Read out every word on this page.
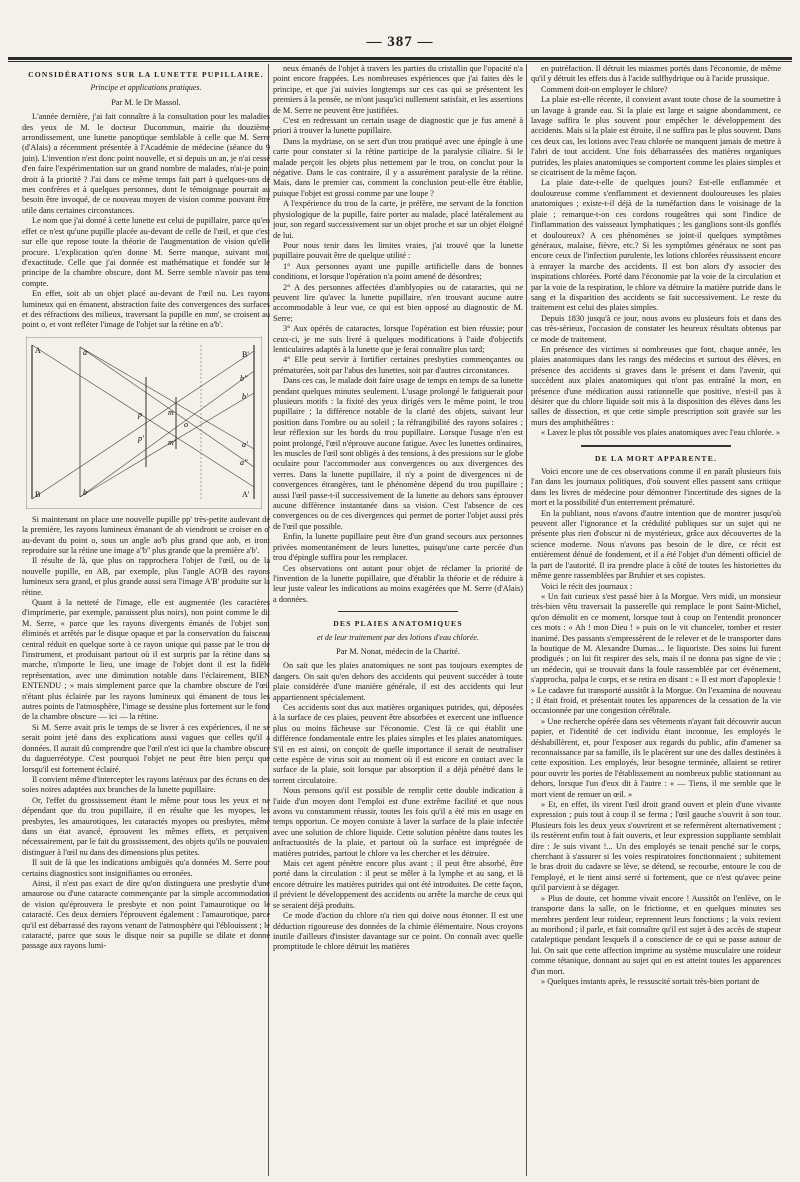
— 387 —
CONSIDÉRATIONS SUR LA LUNETTE PUPILLAIRE.
Principe et applications pratiques.
Par M. le Dr Massol.

L'année dernière, j'ai fait connaître à la consultation pour les maladies des yeux de M. le docteur Ducommun, mairie du douzième arrondissement, une lunette panoptique semblable à celle que M. Serre (d'Alais) a récemment présentée à l'Académie de médecine (séance du 9 juin). L'invention n'est donc point nouvelle, et si depuis un an, je n'ai cessé d'en faire l'expérimentation sur un grand nombre de malades, n'ai-je point droit à la priorité ? J'ai dans ce même temps fait part à quelques-uns de mes confrères et à quelques personnes, dont le témoignage pourrait au besoin être invoqué, de ce nouveau moyen de vision comme pouvant être utile dans certaines circonstances.

Le nom que j'ai donné à cette lunette est celui de pupillaire, parce qu'en effet ce n'est qu'une pupille placée au-devant de celle de l'œil, et que c'est sur elle que repose toute la théorie de l'augmentation de vision qu'elle procure. L'explication qu'en donne M. Serre manque, suivant moi, d'exactitude. Celle que j'ai donnée est mathématique et fondée sur le principe de la chambre obscure, dont M. Serre semble n'avoir pas tenu compte.

En effet, soit ab un objet placé au-devant de l'œil nu. Les rayons lumineux qui en émanent, abstraction faite des convergences des surfaces et des réfractions des milieux, traversant la pupille en mm', se croisent au point o, et vont refléter l'image de l'objet sur la rétine en a'b'.

A
B
a
b
p
p'
m
m'
o
B'
A'
b''
a''
b'
a'

Si maintenant on place une nouvelle pupille pp' très-petite audevant de la première, les rayons lumineux émanant de ab viendront se croiser en o' au-devant du point o, sous un angle ao'b plus grand que aob, et iront reproduire sur la rétine une image a''b'' plus grande que la première a'b'.

Il résulte de là, que plus on rapprochera l'objet de l'œil, ou de la nouvelle pupille, en AB, par exemple, plus l'angle AO'B des rayons lumineux sera grand, et plus grande aussi sera l'image A'B' produite sur la rétine.

Quant à la netteté de l'image, elle est augmentée (les caractères d'imprimerie, par exemple, paraissent plus noirs), non point comme le dit M. Serre, « parce que les rayons divergents émanés de l'objet sont éliminés et arrêtés par le disque opaque et par la conservation du faisceau central réduit en quelque sorte à ce rayon unique qui passe par le trou de l'instrument, et produisant partout où il est surpris par la rétine dans sa marche, n'importe le lieu, une image de l'objet dont il est la fidèle représentation, avec une diminution notable dans l'éclairement, BIEN ENTENDU ; » mais simplement parce que la chambre obscure de l'œil n'étant plus éclairée par les rayons lumineux qui émanent de tous les autres points de l'atmosphère, l'image se dessine plus fortement sur le fond de la chambre obscure — ici — la rétine.

Si M. Serre avait pris le temps de se livrer à ces expériences, il ne se serait point jeté dans des explications aussi vagues que celles qu'il a données. Il aurait dû comprendre que l'œil n'est ici que la chambre obscure du daguerréotype. C'est pourquoi l'objet ne peut être bien perçu que lorsqu'il est fortement éclairé.

Il convient même d'intercepter les rayons latéraux par des écrans en des soies noires adaptées aux branches de la lunette pupillaire.

Or, l'effet du grossissement étant le même pour tous les yeux et ne dépendant que du trou pupillaire, il en résulte que les myopes, les presbytes, les amaurotiques, les cataractés myopes ou presbytes, même dans un état avancé, éprouvent les mêmes effets, et perçoivent nécessairement, par le fait du grossissement, des objets qu'ils ne pouvaient distinguer à l'œil nu dans des dimensions plus petites.

Il suit de là que les indications ambiguës qu'a données M. Serre pour certains diagnostics sont insignifiantes ou erronées.

Ainsi, il n'est pas exact de dire qu'on distinguera une presbytie d'une amaurose ou d'une cataracte commençante par la simple accommodation de vision qu'éprouvera le presbyte et non point l'amaurotique ou le cataracté. Ces deux derniers l'éprouvent également : l'amaurotique, parce qu'il est débarrassé des rayons venant de l'atmosphère qui l'éblouissent ; le cataracté, parce que sous le disque noir sa pupille se dilate et donne passage aux rayons lumi-

neux émanés de l'objet à travers les parties du cristallin que l'opacité n'a point encore frappées. Les nombreuses expériences que j'ai faites dès le principe, et que j'ai suivies longtemps sur ces cas qui se présentent les premiers à la pensée, ne m'ont jusqu'ici nullement satisfait, et les assertions de M. Serre ne peuvent être justifiées.

C'est en redressant un certain usage de diagnostic que je fus amené à priori à trouver la lunette pupillaire.

Dans la mydriase, on se sert d'un trou pratiqué avec une épingle à une carte pour constater si la rétine participe de la paralysie ciliaire. Si le malade perçoit les objets plus nettement par le trou, on conclut pour la négative. Dans le cas contraire, il y a assurément paralysie de la rétine. Mais, dans le premier cas, comment la conclusion peut-elle être établie, puisque l'objet est grossi comme par une loupe ?

A l'expérience du trou de la carte, je préfère, me servant de la fonction physiologique de la pupille, faire porter au malade, placé latéralement au jour, son regard successivement sur un objet proche et sur un objet éloigné de lui.

Pour nous tenir dans les limites vraies, j'ai trouvé que la lunette pupillaire pouvait être de quelque utilité :

1° Aux personnes ayant une pupille artificielle dans de bonnes conditions, et lorsque l'opération n'a point amené de désordres;

2° A des personnes affectées d'amblyopies ou de cataractes, qui ne peuvent lire qu'avec la lunette pupillaire, n'en trouvant aucune autre accommodable à leur vue, ce qui est bien opposé au diagnostic de M. Serre;

3° Aux opérés de cataractes, lorsque l'opération est bien réussie; pour ceux-ci, je me suis livré à quelques modifications à l'aide d'objectifs lenticulaires adaptés à la lunette que je ferai connaître plus tard;

4° Elle peut servir à fortifier certaines presbyties commençantes ou prématurées, soit par l'abus des lunettes, soit par d'autres circonstances.

Dans ces cas, le malade doit faire usage de temps en temps de sa lunette pendant quelques minutes seulement. L'usage prolongé le fatiguerait pour plusieurs motifs : la fixité des yeux dirigés vers le même point, le trou pupillaire ; la différence notable de la clarté des objets, suivant leur position dans l'ombre ou au soleil ; la réfrangibilité des rayons solaires ; leur réflexion sur les bords du trou pupillaire. Lorsque l'usage n'en est point prolongé, l'œil n'éprouve aucune fatigue. Avec les lunettes ordinaires, les muscles de l'œil sont obligés à des tensions, à des pressions sur le globe oculaire pour l'accommoder aux convergences ou aux divergences des verres. Dans la lunette pupillaire, il n'y a point de divergences ni de convergences étrangères, tant le phénomène dépend du trou pupillaire ; aussi l'œil passe-t-il successivement de la lunette au dehors sans éprouver aucune différence instantanée dans sa vision. C'est l'absence de ces convergences ou de ces divergences qui permet de porter l'objet aussi près de l'œil que possible.

Enfin, la lunette pupillaire peut être d'un grand secours aux personnes privées momentanément de leurs lunettes, puisqu'une carte percée d'un trou d'épingle suffira pour les remplacer.

Ces observations ont autant pour objet de réclamer la priorité de l'invention de la lunette pupillaire, que d'établir la théorie et de réduire à leur juste valeur les indications au moins exagérées que M. Serre (d'Alais) a données.

DES PLAIES ANATOMIQUES
et de leur traitement par des lotions d'eau chlorée.
Par M. Nonat, médecin de la Charité.

On sait que les plaies anatomiques ne sont pas toujours exemptes de dangers. On sait qu'en dehors des accidents qui peuvent succéder à toute plaie considérée d'une manière générale, il est des accidents qui leur appartiennent spécialement.

Ces accidents sont dus aux matières organiques putrides, qui, déposées à la surface de ces plaies, peuvent être absorbées et exercent une influence plus ou moins fâcheuse sur l'économie. C'est là ce qui établit une différence fondamentale entre les plaies simples et les plaies anatomiques. S'il en est ainsi, on conçoit de quelle importance il serait de neutraliser cette espèce de virus soit au moment où il est encore en contact avec la surface de la plaie, soit lorsque par absorption il a déjà pénétré dans le torrent circulatoire.

Nous pensons qu'il est possible de remplir cette double indication à l'aide d'un moyen dont l'emploi est d'une extrême facilité et que nous avons vu constamment réussir, toutes les fois qu'il a été mis en usage en temps opportun. Ce moyen consiste à laver la surface de la plaie infectée avec une solution de chlore liquide. Cette solution pénètre dans toutes les anfractuosités de la plaie, et partout où la surface est imprégnée de matières putrides, partout le chlore va les chercher et les détruire.

Mais cet agent pénètre encore plus avant ; il peut être absorbé, être porté dans la circulation : il peut se mêler à la lymphe et au sang, et là encore détruire les matières putrides qui ont été introduites. De cette façon, il prévient le développement des accidents ou arrête la marche de ceux qui se seraient déjà produits.

Ce mode d'action du chlore n'a rien qui doive nous étonner. Il est une déduction rigoureuse des données de la chimie élémentaire. Nous croyons inutile d'ailleurs d'insister davantage sur ce point. On connaît avec quelle promptitude le chlore détruit les matières

en putréfaction. Il détruit les miasmes portés dans l'économie, de même qu'il y détruit les effets dus à l'acide sulfhydrique ou à l'acide prussique.

Comment doit-on employer le chlore?

La plaie est-elle récente, il convient avant toute chose de la soumettre à un lavage à grande eau. Si la plaie est large et saigne abondamment, ce lavage suffira le plus souvent pour empêcher le développement des accidents. Mais si la plaie est étroite, il ne suffira pas le plus souvent. Dans ces deux cas, les lotions avec l'eau chlorée ne manquent jamais de mettre à l'abri de tout accident. Une fois débarrassées des matières organiques putrides, les plaies anatomiques se comportent comme les plaies simples et se cicatrisent de la même façon.

La plaie date-t-elle de quelques jours? Est-elle enflammée et douloureuse comme s'enflamment et deviennent douloureuses les plaies anatomiques ; existe-t-il déjà de la tuméfaction dans le voisinage de la plaie ; remarque-t-on ces cordons rougeâtres qui sont l'indice de l'inflammation des vaisseaux lymphatiques ; les ganglions sont-ils gonflés et douloureux? A ces phénomènes se joint-il quelques symptômes généraux, malaise, fièvre, etc.? Si les symptômes généraux ne sont pas encore ceux de l'infection purulente, les lotions chlorées réussissent encore à enrayer la marche des accidents. Il est bon alors d'y associer des inspirations chlorées. Porté dans l'économie par la voie de la circulation et par la voie de la respiration, le chlore va détruire la matière putride dans le sang et la disparition des accidents se fait successivement. Le reste du traitement est celui des plaies simples.

Depuis 1830 jusqu'à ce jour, nous avons eu plusieurs fois et dans des cas très-sérieux, l'occasion de constater les heureux résultats obtenus par ce mode de traitement.

En présence des victimes si nombreuses que font, chaque année, les plaies anatomiques dans les rangs des médecins et surtout des élèves, en présence des accidents si graves dans le présent et dans l'avenir, qui succèdent aux plaies anatomiques qui n'ont pas entraîné la mort, en présence d'une médication aussi rationnelle que positive, n'est-il pas à désirer que du chlore liquide soit mis à la disposition des élèves dans les salles de dissection, et que cette simple prescription soit gravée sur les murs des amphithéâtres :

« Lavez le plus tôt possible vos plaies anatomiques avec l'eau chlorée. »

DE LA MORT APPARENTE.

Voici encore une de ces observations comme il en paraît plusieurs fois l'an dans les journaux politiques, d'où souvent elles passent sans critique dans les livres de médecine pour démontrer l'incertitude des signes de la mort et la possibilité d'un enterrement prématuré.

En la publiant, nous n'avons d'autre intention que de montrer jusqu'où peuvent aller l'ignorance et la crédulité publiques sur un sujet qui ne présente plus rien d'obscur ni de mystérieux, grâce aux découvertes de la science moderne. Nous n'avons pas besoin de le dire, ce récit est entièrement dénué de fondement, et il a été l'objet d'un démenti officiel de la part de l'autorité. Il ira prendre place à côté de toutes les historiettes du même genre rassemblées par Bruhier et ses copistes.

Voici le récit des journaux :

« Un fait curieux s'est passé hier à la Morgue. Vers midi, un monsieur très-bien vêtu traversait la passerelle qui remplace le pont Saint-Michel, qu'on démolit en ce moment, lorsque tout à coup on l'entendit prononcer ces mots : « Ah ! mon Dieu ! » puis on le vit chanceler, tomber et rester inanimé. Des passants s'empressèrent de le relever et de le transporter dans la boutique de M. Alexandre Dumas.... le liquoriste. Des soins lui furent prodigués ; on lui fit respirer des sels, mais il ne donna pas signe de vie ; un médecin, qui se trouvait dans la foule rassemblée par cet événement, s'approcha, palpa le corps, et se retira en disant : « Il est mort d'apoplexie ! » Le cadavre fut transporté aussitôt à la Morgue. On l'examina de nouveau ; il était froid, et présentait toutes les apparences de la cessation de la vie occasionnée par une congestion cérébrale.

» Une recherche opérée dans ses vêtements n'ayant fait découvrir aucun papier, et l'identité de cet individu étant inconnue, les employés le déshabillèrent, et, pour l'exposer aux regards du public, afin d'amener sa reconnaissance par sa famille, ils le placèrent sur une des dalles destinées à cette exposition. Les employés, leur besogne terminée, allaient se retirer pour ouvrir les portes de l'établissement au nombreux public stationnant au dehors, lorsque l'un d'eux dit à l'autre : « — Tiens, il me semble que le mort vient de remuer un œil. »

» Et, en effet, ils virent l'œil droit grand ouvert et plein d'une vivante expression ; puis tout à coup il se ferma ; l'œil gauche s'ouvrit à son tour. Plusieurs fois les deux yeux s'ouvrirent et se refermèrent alternativement ; ils restèrent enfin tout à fait ouverts, et leur expression suppliante semblait dire : Je suis vivant !... Un des employés se tenait penché sur le corps, cherchant à s'assurer si les voies respiratoires fonctionnaient ; subitement le bras droit du cadavre se lève, se détend, se recourbe, entoure le cou de l'employé, et le tient ainsi serré si fortement, que ce n'est qu'avec peine qu'il parvient à se dégager.

» Plus de doute, cet homme vivait encore ! Aussitôt on l'enlève, on le transporte dans la salle, on le frictionne, et en quelques minutes ses membres perdent leur roideur, reprennent leurs fonctions ; la voix revient au moribond ; il parle, et fait connaître qu'il est sujet à des accès de stupeur cataleptique pendant lesquels il a conscience de ce qui se passe autour de lui. On sait que cette affection imprime au système musculaire une roideur comme tétanique, donnant au sujet qui en est atteint toutes les apparences d'un mort.

» Quelques instants après, le ressuscité sortait très-bien portant de
